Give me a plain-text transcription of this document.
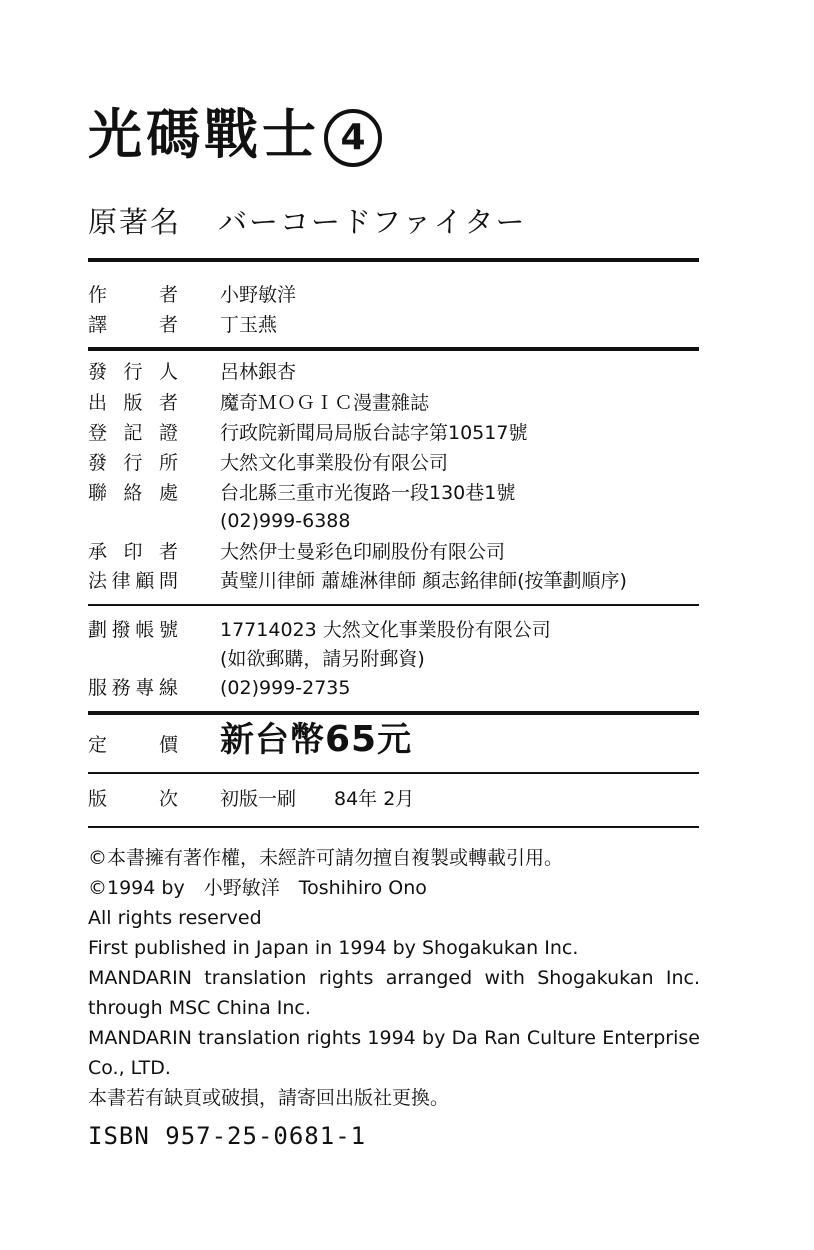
光碼戰士 4
原著名 バーコードファイター
作	者 小野敏洋
譯	者 丁玉燕
發 行 人 呂林銀杏
出 版 者 魔奇ＭＯＧＩＣ漫畫雜誌
登 記 證 行政院新聞局局版台誌字第10517號
發 行 所 大然文化事業股份有限公司
聯 絡 處 台北縣三重市光復路一段130巷1號
(02)999-6388
承 印 者 大然伊士曼彩色印刷股份有限公司
法 律 顧 問 黃璧川律師 蕭雄淋律師 顏志銘律師(按筆劃順序)
劃 撥 帳 號 17714023 大然文化事業股份有限公司
(如欲郵購，請另附郵資)
服 務 專 線 (02)999-2735
定	價 新台幣65元
版	次 初版一刷　　84年 2月
©本書擁有著作權，未經許可請勿擅自複製或轉載引用。
©1994 by　小野敏洋　Toshihiro Ono
All rights reserved
First published in Japan in 1994 by Shogakukan Inc.
MANDARIN translation rights arranged with Shogakukan Inc.
through MSC China Inc.
MANDARIN translation rights 1994 by Da Ran Culture Enterprise
Co., LTD.
本書若有缺頁或破損，請寄回出版社更換。
ISBN 957-25-0681-1
